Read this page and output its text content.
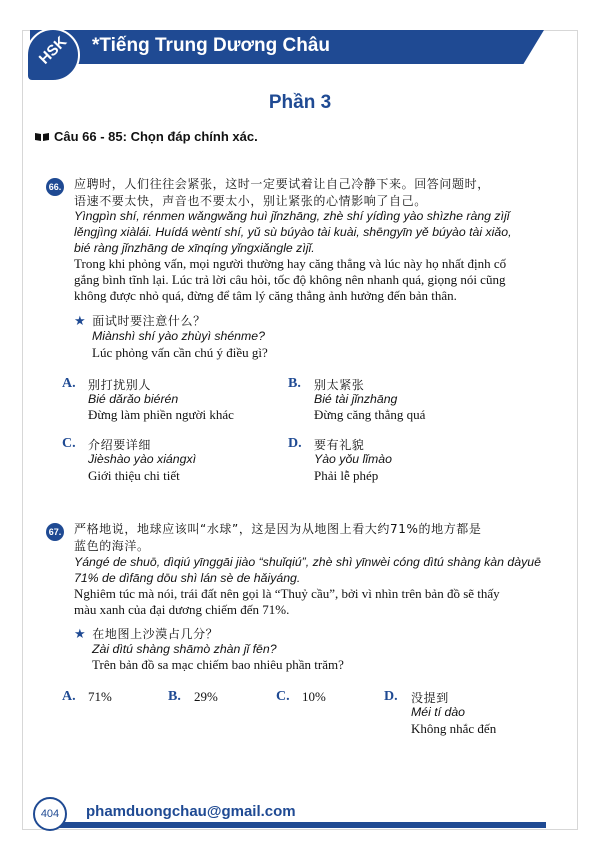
HSK *Tiếng Trung Dương Châu
Phần 3
Câu 66 - 85: Chọn đáp chính xác.
66. 应聘时，人们往往会紧张，这时一定要试着让自己冷静下来。回答问题时，
语速不要太快，声音也不要太小，别让紧张的心情影响了自己。
Yìngpìn shí, rénmen wǎngwǎng huì jǐnzhāng, zhè shí yídìng yào shìzhe ràng zìjǐ
lěngjìng xiàlái. Huídá wèntí shí, yǔ sù búyào tài kuài, shēngyīn yě búyào tài xiǎo,
bié ràng jǐnzhāng de xīnqíng yǐngxiǎngle zìjǐ.
Trong khi phỏng vấn, mọi người thường hay căng thẳng và lúc này họ nhất định cố
gắng bình tĩnh lại. Lúc trả lời câu hỏi, tốc độ không nên nhanh quá, giọng nói cũng
không được nhỏ quá, đừng để tâm lý căng thẳng ảnh hưởng đến bản thân.
★ 面试时要注意什么？
Miànshì shí yào zhùyì shénme?
Lúc phỏng vấn cần chú ý điều gì?
A. 别打扰别人
Bié dǎrǎo biérén
Đừng làm phiền người khác
B. 别太紧张
Bié tài jǐnzhāng
Đừng căng thẳng quá
C. 介绍要详细
Jièshào yào xiángxì
Giới thiệu chi tiết
D. 要有礼貌
Yào yǒu lǐmào
Phải lễ phép
67. 严格地说，地球应该叫“水球”，这是因为从地图上看大约71%的地方都是
蓝色的海洋。
Yángé de shuō, dìqiú yīnggāi jiào “shuǐqiú”, zhè shì yīnwèi cóng dìtú shàng kàn dàyuē
71% de dìfāng dōu shì lán sè de hǎiyáng.
Nghiêm túc mà nói, trái đất nên gọi là “Thuỷ cầu”, bởi vì nhìn trên bản đồ sẽ thấy
màu xanh của đại dương chiếm đến 71%.
★ 在地图上沙漠占几分？
Zài dìtú shàng shāmò zhàn jǐ fēn?
Trên bản đồ sa mạc chiếm bao nhiêu phần trăm?
A. 71%	B. 29%	C. 10%	D. 没提到
Méi tí dào
Không nhắc đến
404	phamduongchau@gmail.com
